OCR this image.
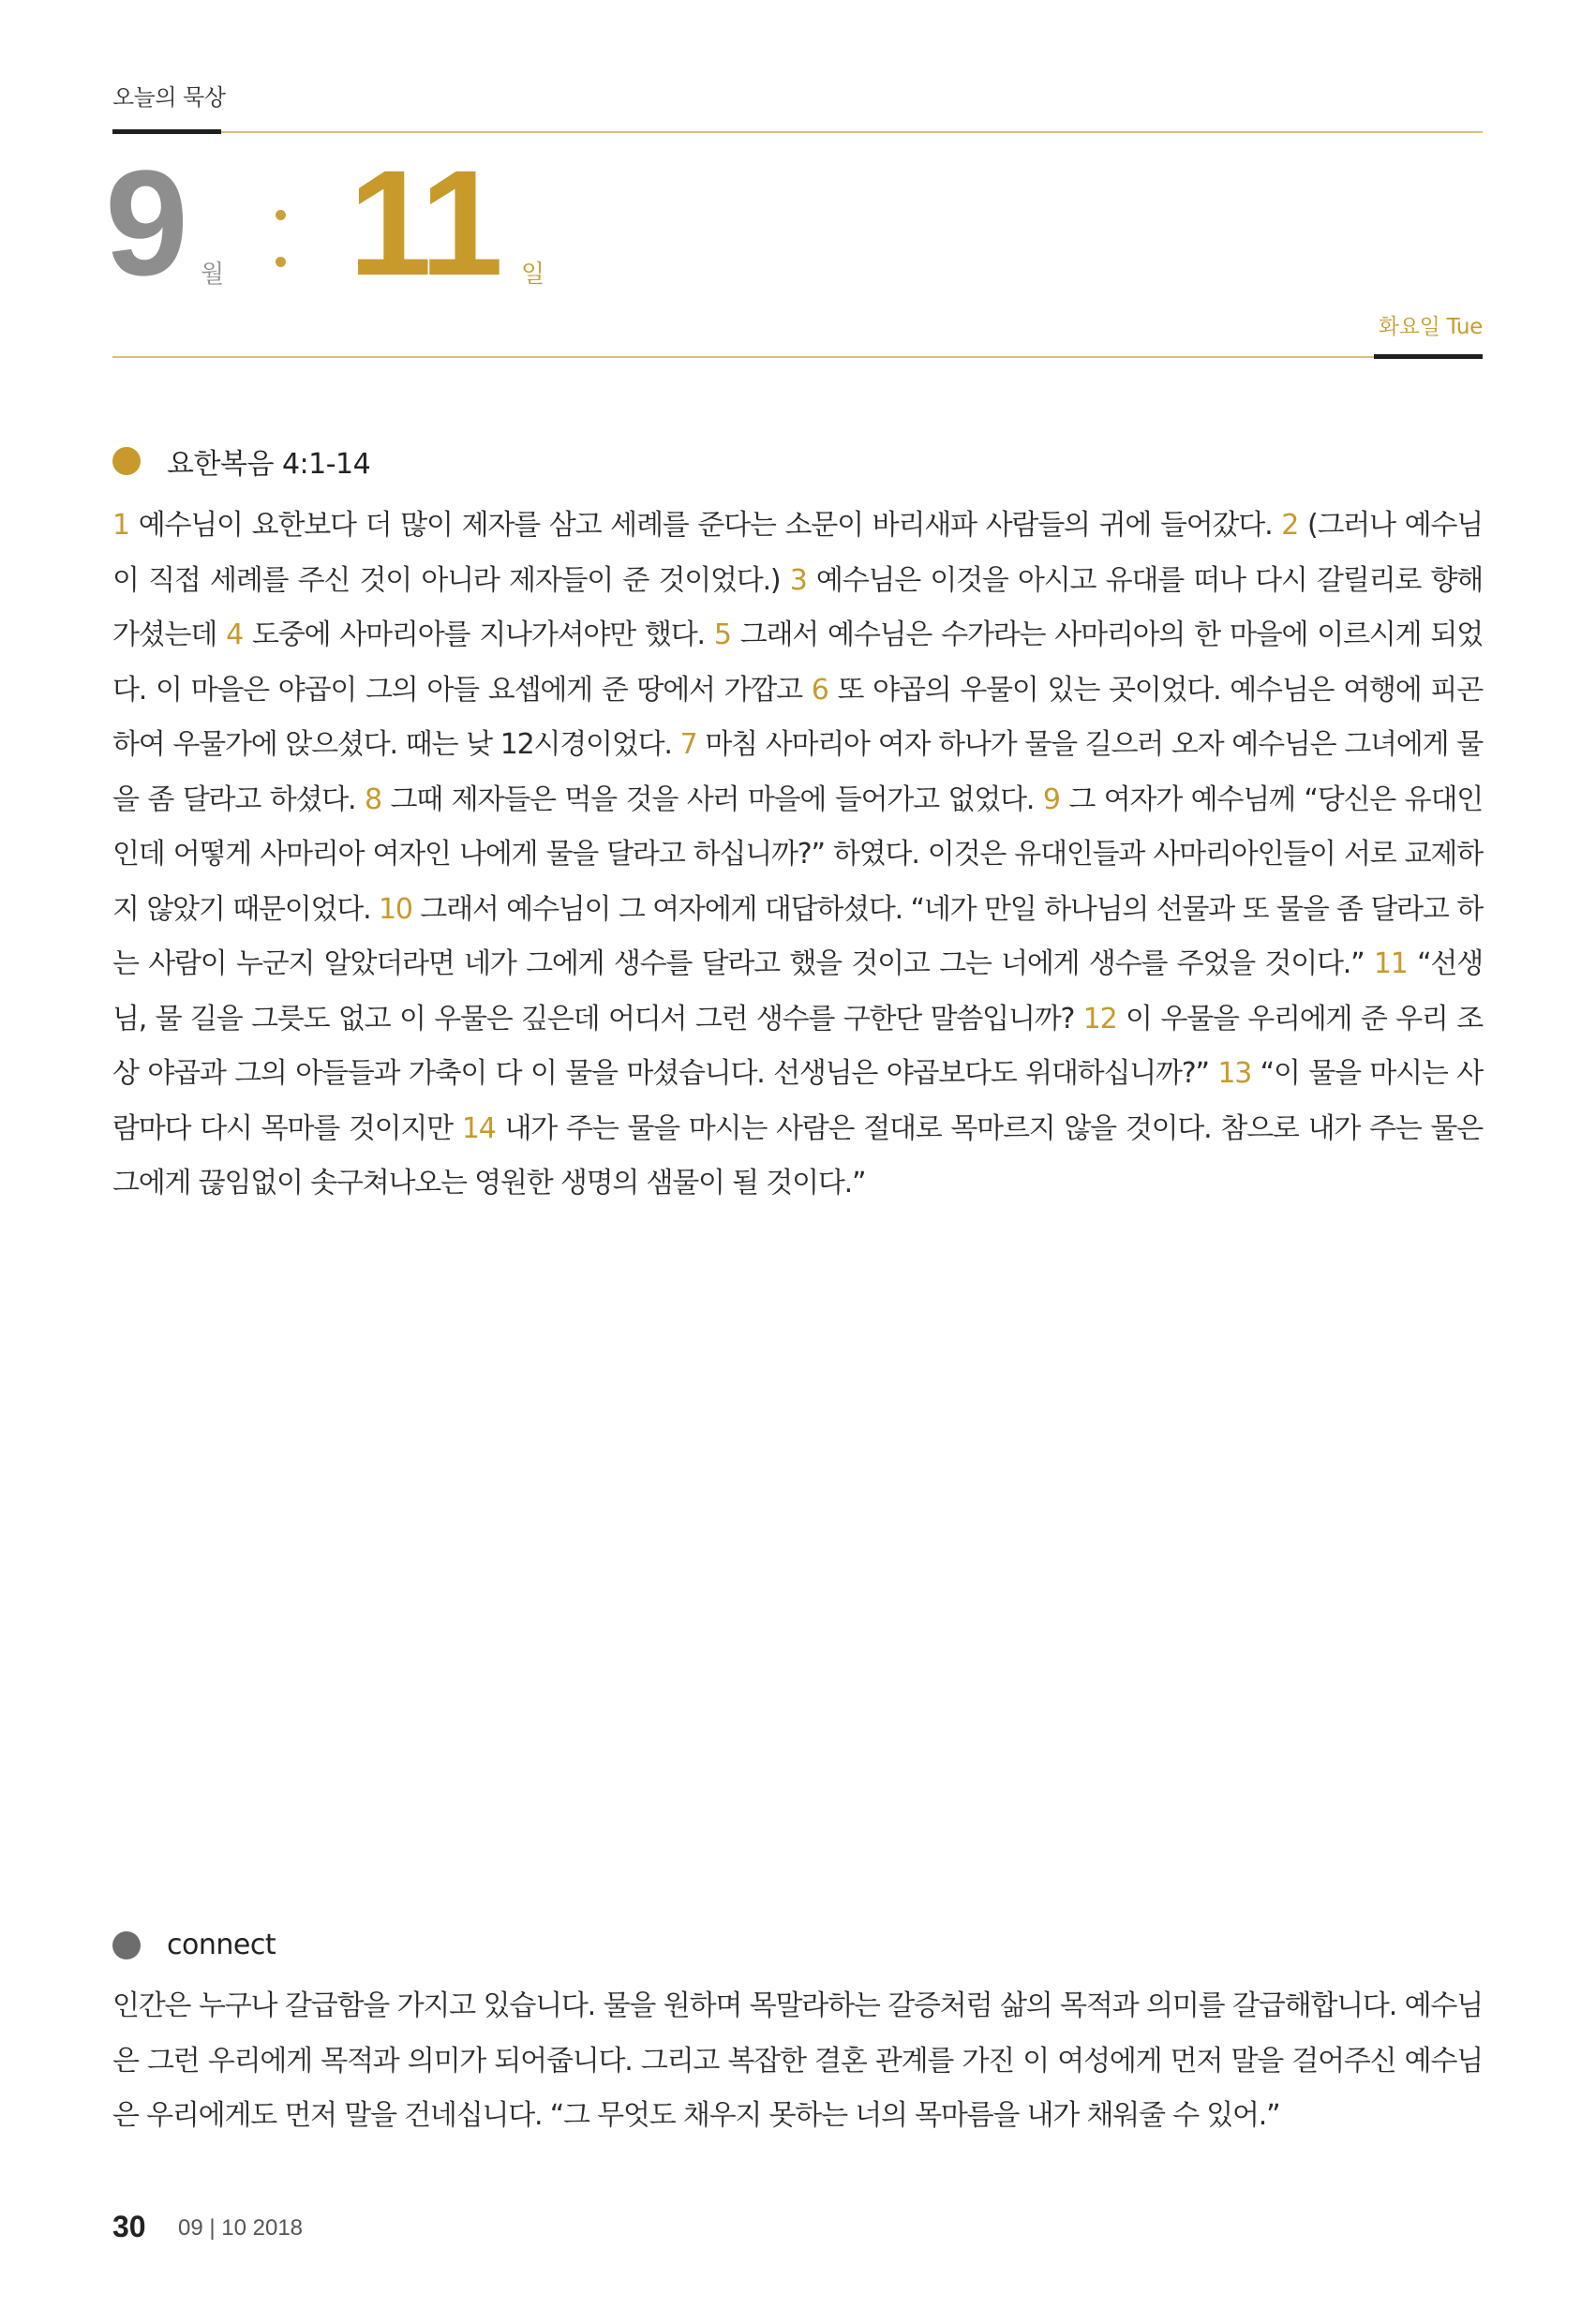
오늘의 묵상
9 월 11 일
화요일 Tue
요한복음 4:1-14
1 예수님이 요한보다 더 많이 제자를 삼고 세례를 준다는 소문이 바리새파 사람들의 귀에 들어갔다. 2 (그러나 예수님이 직접 세례를 주신 것이 아니라 제자들이 준 것이었다.) 3 예수님은 이것을 아시고 유대를 떠나 다시 갈릴리로 향해 가셨는데 4 도중에 사마리아를 지나가셔야만 했다. 5 그래서 예수님은 수가라는 사마리아의 한 마을에 이르시게 되었다. 이 마을은 야곱이 그의 아들 요셉에게 준 땅에서 가깝고 6 또 야곱의 우물이 있는 곳이었다. 예수님은 여행에 피곤하여 우물가에 앉으셨다. 때는 낮 12시경이었다. 7 마침 사마리아 여자 하나가 물을 길으러 오자 예수님은 그녀에게 물을 좀 달라고 하셨다. 8 그때 제자들은 먹을 것을 사러 마을에 들어가고 없었다. 9 그 여자가 예수님께 “당신은 유대인인데 어떻게 사마리아 여자인 나에게 물을 달라고 하십니까?” 하였다. 이것은 유대인들과 사마리아인들이 서로 교제하지 않았기 때문이었다. 10 그래서 예수님이 그 여자에게 대답하셨다. “네가 만일 하나님의 선물과 또 물을 좀 달라고 하는 사람이 누군지 알았더라면 네가 그에게 생수를 달라고 했을 것이고 그는 너에게 생수를 주었을 것이다.” 11 “선생님, 물 길을 그릇도 없고 이 우물은 깊은데 어디서 그런 생수를 구한단 말씀입니까? 12 이 우물을 우리에게 준 우리 조상 야곱과 그의 아들들과 가축이 다 이 물을 마셨습니다. 선생님은 야곱보다도 위대하십니까?” 13 “이 물을 마시는 사람마다 다시 목마를 것이지만 14 내가 주는 물을 마시는 사람은 절대로 목마르지 않을 것이다. 참으로 내가 주는 물은 그에게 끊임없이 솟구쳐나오는 영원한 생명의 샘물이 될 것이다.”
connect
인간은 누구나 갈급함을 가지고 있습니다. 물을 원하며 목말라하는 갈증처럼 삶의 목적과 의미를 갈급해합니다. 예수님은 그런 우리에게 목적과 의미가 되어줍니다. 그리고 복잡한 결혼 관계를 가진 이 여성에게 먼저 말을 걸어주신 예수님은 우리에게도 먼저 말을 건네십니다. “그 무엇도 채우지 못하는 너의 목마름을 내가 채워줄 수 있어.”
30 09 | 10 2018
